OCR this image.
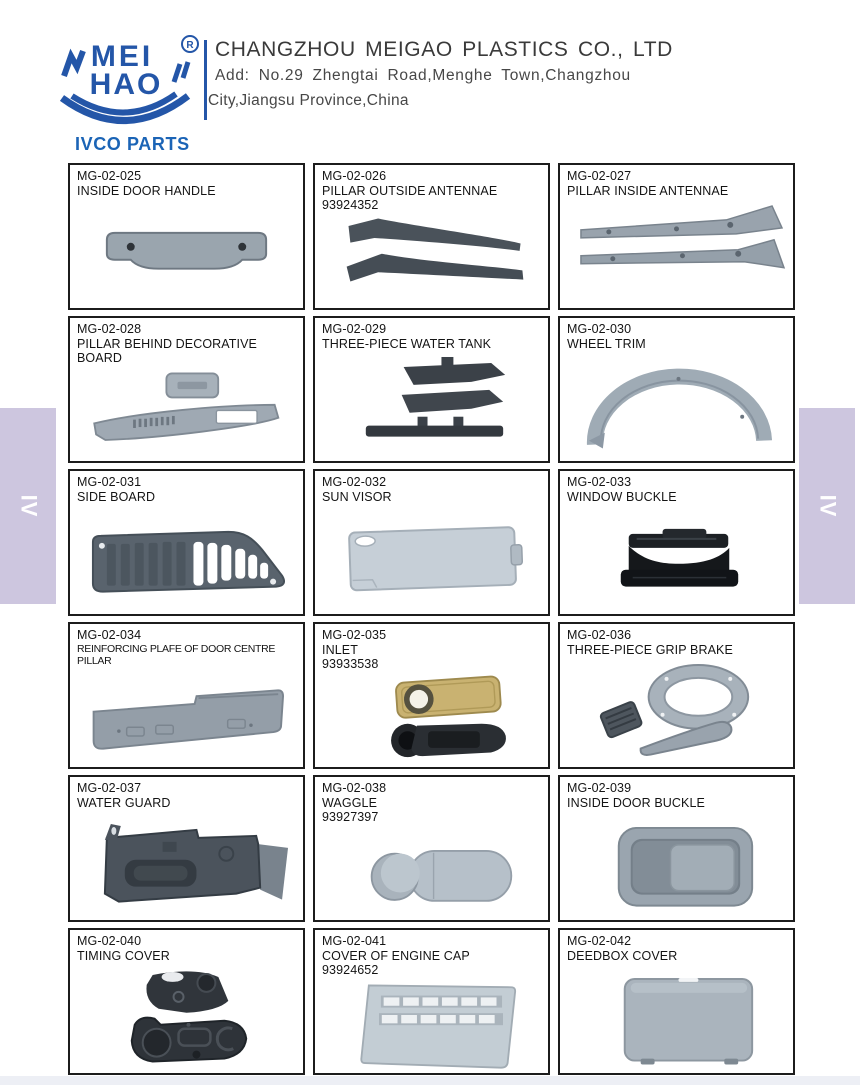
MEI
HAO
R CHANGZHOU MEIGAO PLASTICS CO., LTD
Add: No.29 Zhengtai Road,Menghe Town,Changzhou
City,Jiangsu Province,China
IVCO PARTS
MG-02-025
INSIDE DOOR HANDLE
MG-02-026
PILLAR OUTSIDE ANTENNAE
93924352
MG-02-027
PILLAR INSIDE ANTENNAE
MG-02-028
PILLAR BEHIND DECORATIVE BOARD
MG-02-029
THREE-PIECE WATER TANK
MG-02-030
WHEEL TRIM
MG-02-031
SIDE BOARD
MG-02-032
SUN VISOR
MG-02-033
WINDOW BUCKLE
MG-02-034
REINFORCING PLAFE OF DOOR CENTRE PILLAR
MG-02-035
INLET
93933538
MG-02-036
THREE-PIECE GRIP BRAKE
MG-02-037
WATER GUARD
MG-02-038
WAGGLE
93927397
MG-02-039
INSIDE DOOR BUCKLE
MG-02-040
TIMING COVER
MG-02-041
COVER OF ENGINE CAP
93924652
MG-02-042
DEEDBOX COVER
IV	IV
